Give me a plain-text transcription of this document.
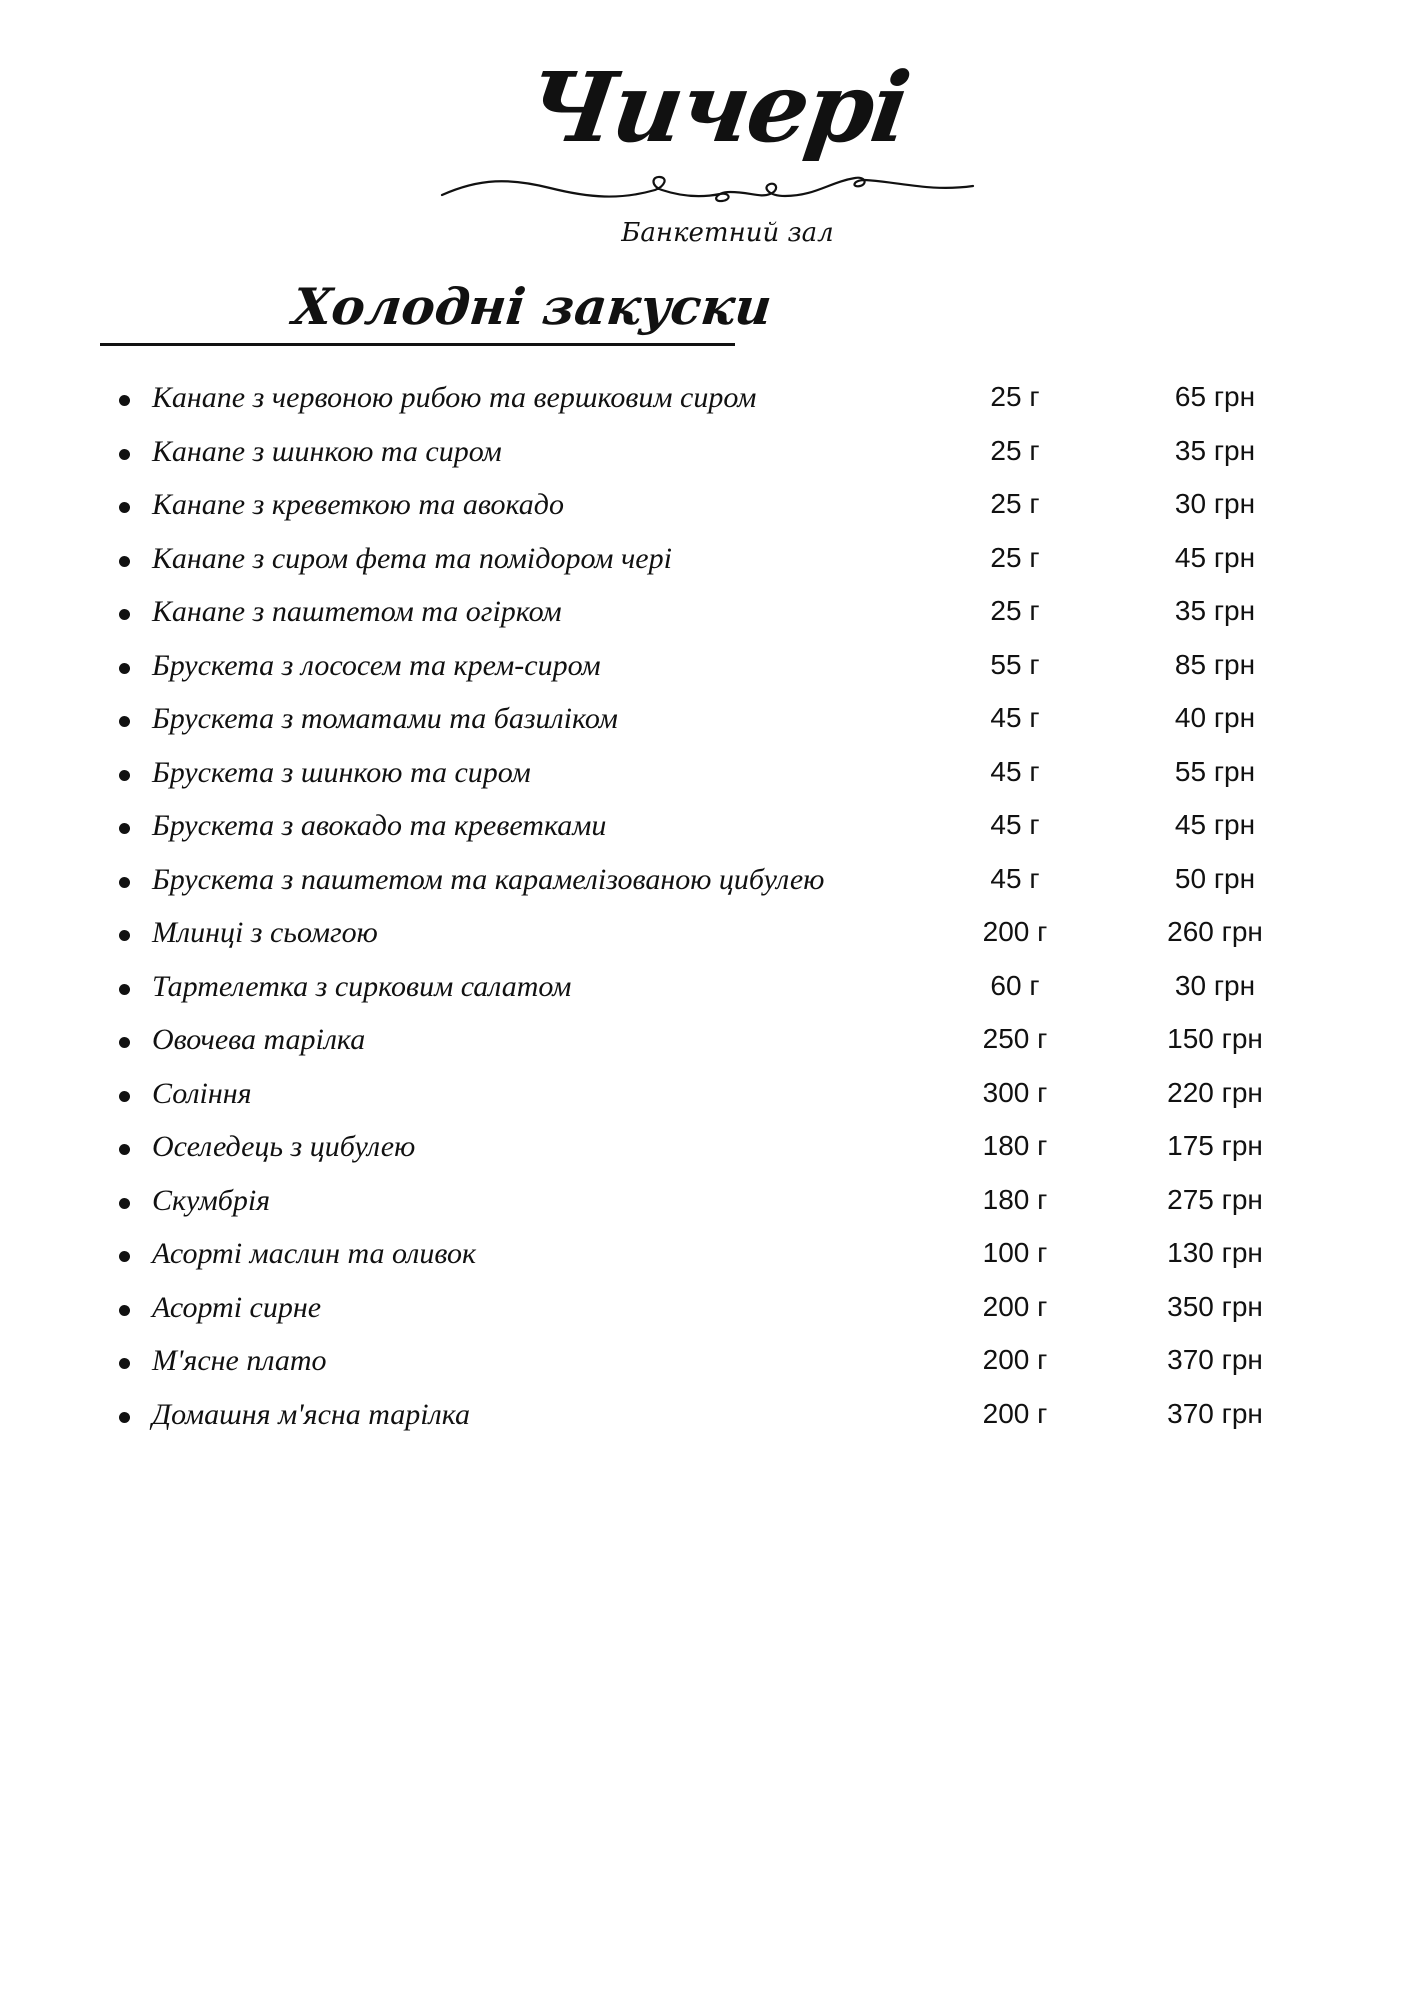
Чичері
Банкетний зал
Холодні закуски
Канапе з червоною рибою та вершковим сиром	25 г	65 грн
Канапе з шинкою та сиром	25 г	35 грн
Канапе з креветкою та авокадо	25 г	30 грн
Канапе з сиром фета та помідором чері	25 г	45 грн
Канапе з паштетом та огірком	25 г	35 грн
Брускета з лососем та крем-сиром	55 г	85 грн
Брускета з томатами та базиліком	45 г	40 грн
Брускета з шинкою та сиром	45 г	55 грн
Брускета з авокадо та креветками	45 г	45 грн
Брускета з паштетом та карамелізованою цибулею	45 г	50 грн
Млинці з сьомгою	200 г	260 грн
Тартелетка з сирковим салатом	60 г	30 грн
Овочева тарілка	250 г	150 грн
Соління	300 г	220 грн
Оселедець з цибулею	180 г	175 грн
Скумбрія	180 г	275 грн
Асорті маслин та оливок	100 г	130 грн
Асорті сирне	200 г	350 грн
М'ясне плато	200 г	370 грн
Домашня м'ясна тарілка	200 г	370 грн
